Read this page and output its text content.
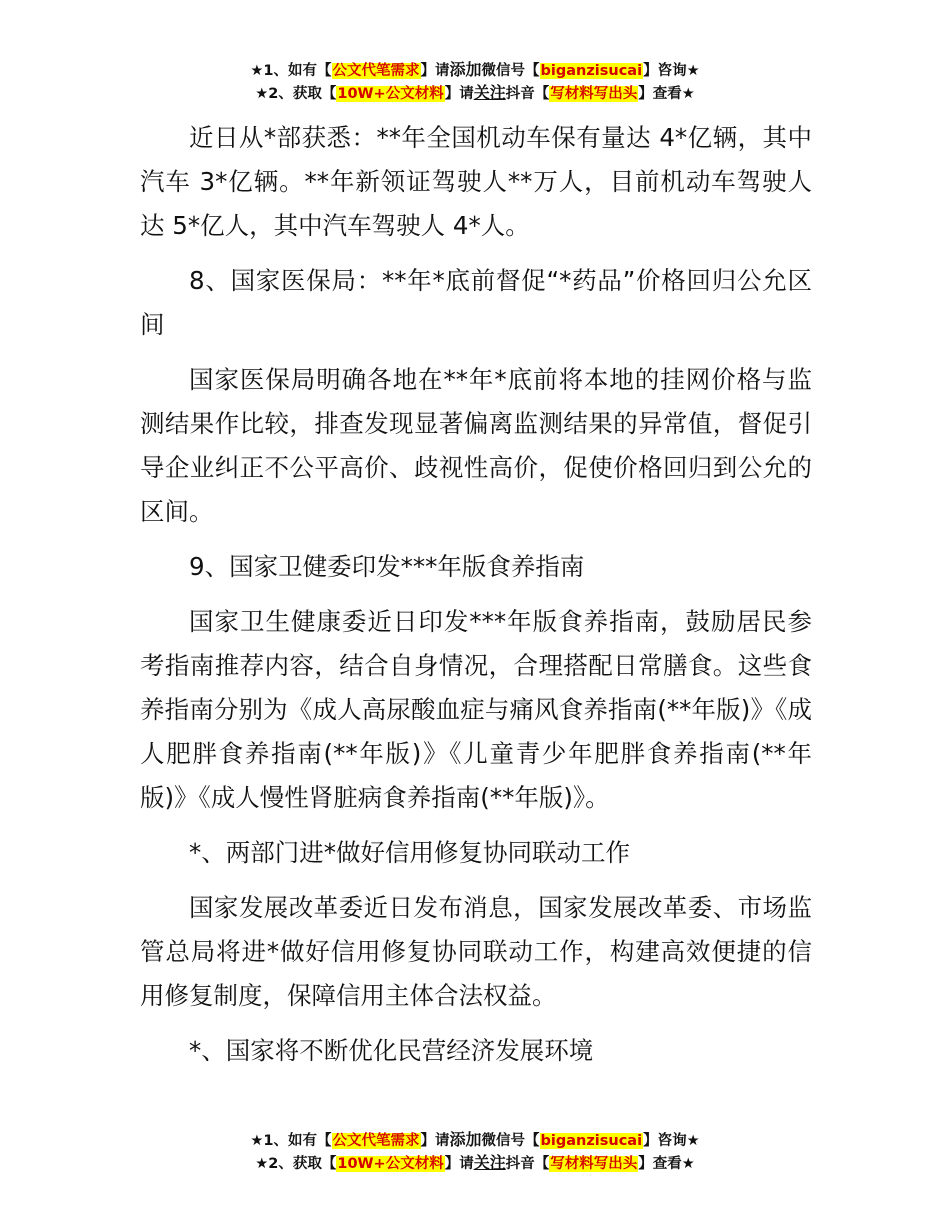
★1、如有【公文代笔需求】请添加微信号【biganzisucai】咨询★
★2、获取【10W+公文材料】请关注抖音【写材料写出头】查看★

近日从*部获悉：**年全国机动车保有量达 4*亿辆，其中汽车 3*亿辆。**年新领证驾驶人**万人，目前机动车驾驶人达 5*亿人，其中汽车驾驶人 4*人。

8、国家医保局：**年*底前督促“*药品”价格回归公允区间

国家医保局明确各地在**年*底前将本地的挂网价格与监测结果作比较，排查发现显著偏离监测结果的异常值，督促引导企业纠正不公平高价、歧视性高价，促使价格回归到公允的区间。

9、国家卫健委印发***年版食养指南

国家卫生健康委近日印发***年版食养指南，鼓励居民参考指南推荐内容，结合自身情况，合理搭配日常膳食。这些食养指南分别为《成人高尿酸血症与痛风食养指南(**年版)》《成人肥胖食养指南(**年版)》《儿童青少年肥胖食养指南(**年版)》《成人慢性肾脏病食养指南(**年版)》。

*、两部门进*做好信用修复协同联动工作

国家发展改革委近日发布消息，国家发展改革委、市场监管总局将进*做好信用修复协同联动工作，构建高效便捷的信用修复制度，保障信用主体合法权益。

*、国家将不断优化民营经济发展环境

★1、如有【公文代笔需求】请添加微信号【biganzisucai】咨询★
★2、获取【10W+公文材料】请关注抖音【写材料写出头】查看★
